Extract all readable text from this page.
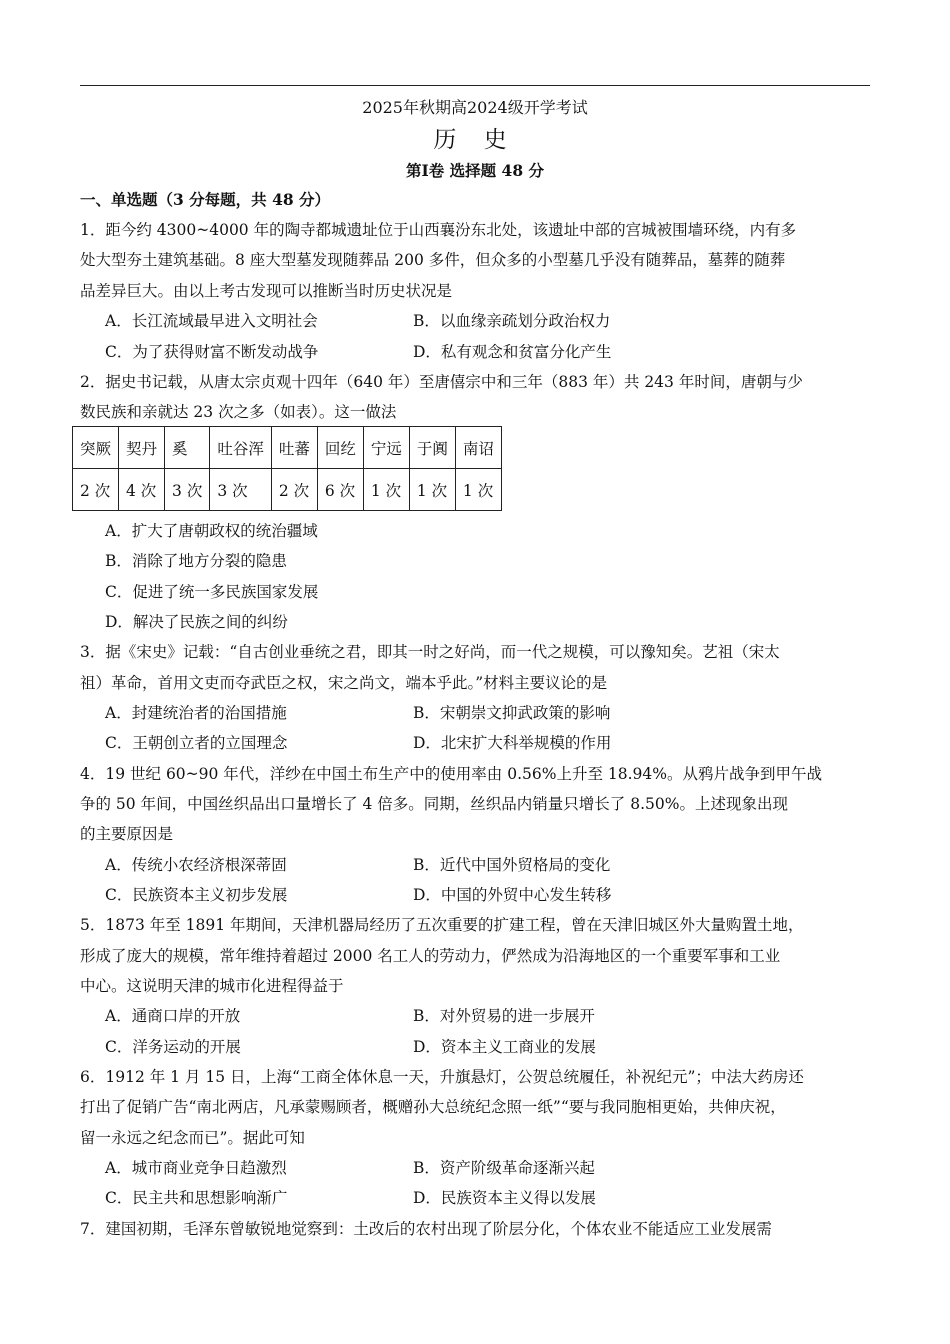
2025年秋期高2024级开学考试
历 史
第Ⅰ卷 选择题 48 分
一、单选题（3 分每题，共 48 分）
1．距今约 4300~4000 年的陶寺都城遗址位于山西襄汾东北处，该遗址中部的宫城被围墙环绕，内有多
处大型夯土建筑基础。8 座大型墓发现随葬品 200 多件，但众多的小型墓几乎没有随葬品，墓葬的随葬
品差异巨大。由以上考古发现可以推断当时历史状况是
A．长江流域最早进入文明社会	B．以血缘亲疏划分政治权力
C．为了获得财富不断发动战争	D．私有观念和贫富分化产生
2．据史书记载，从唐太宗贞观十四年（640 年）至唐僖宗中和三年（883 年）共 243 年时间，唐朝与少
数民族和亲就达 23 次之多（如表）。这一做法
突厥	契丹	奚	吐谷浑	吐蕃	回纥	宁远	于阗	南诏
2 次	4 次	3 次	3 次	2 次	6 次	1 次	1 次	1 次
A．扩大了唐朝政权的统治疆域
B．消除了地方分裂的隐患
C．促进了统一多民族国家发展
D．解决了民族之间的纠纷
3．据《宋史》记载：“自古创业垂统之君，即其一时之好尚，而一代之规模，可以豫知矣。艺祖（宋太
祖）革命，首用文吏而夺武臣之权，宋之尚文，端本乎此。”材料主要议论的是
A．封建统治者的治国措施	B．宋朝崇文抑武政策的影响
C．王朝创立者的立国理念	D．北宋扩大科举规模的作用
4．19 世纪 60~90 年代，洋纱在中国土布生产中的使用率由 0.56%上升至 18.94%。从鸦片战争到甲午战
争的 50 年间，中国丝织品出口量增长了 4 倍多。同期，丝织品内销量只增长了 8.50%。上述现象出现
的主要原因是
A．传统小农经济根深蒂固	B．近代中国外贸格局的变化
C．民族资本主义初步发展	D．中国的外贸中心发生转移
5．1873 年至 1891 年期间，天津机器局经历了五次重要的扩建工程，曾在天津旧城区外大量购置土地，
形成了庞大的规模，常年维持着超过 2000 名工人的劳动力，俨然成为沿海地区的一个重要军事和工业
中心。这说明天津的城市化进程得益于
A．通商口岸的开放	B．对外贸易的进一步展开
C．洋务运动的开展	D．资本主义工商业的发展
6．1912 年 1 月 15 日，上海“工商全体休息一天，升旗悬灯，公贺总统履任，补祝纪元”；中法大药房还
打出了促销广告“南北两店，凡承蒙赐顾者，概赠孙大总统纪念照一纸”“要与我同胞相更始，共伸庆祝，
留一永远之纪念而已”。据此可知
A．城市商业竞争日趋激烈	B．资产阶级革命逐渐兴起
C．民主共和思想影响渐广	D．民族资本主义得以发展
7．建国初期，毛泽东曾敏锐地觉察到：土改后的农村出现了阶层分化，个体农业不能适应工业发展需
